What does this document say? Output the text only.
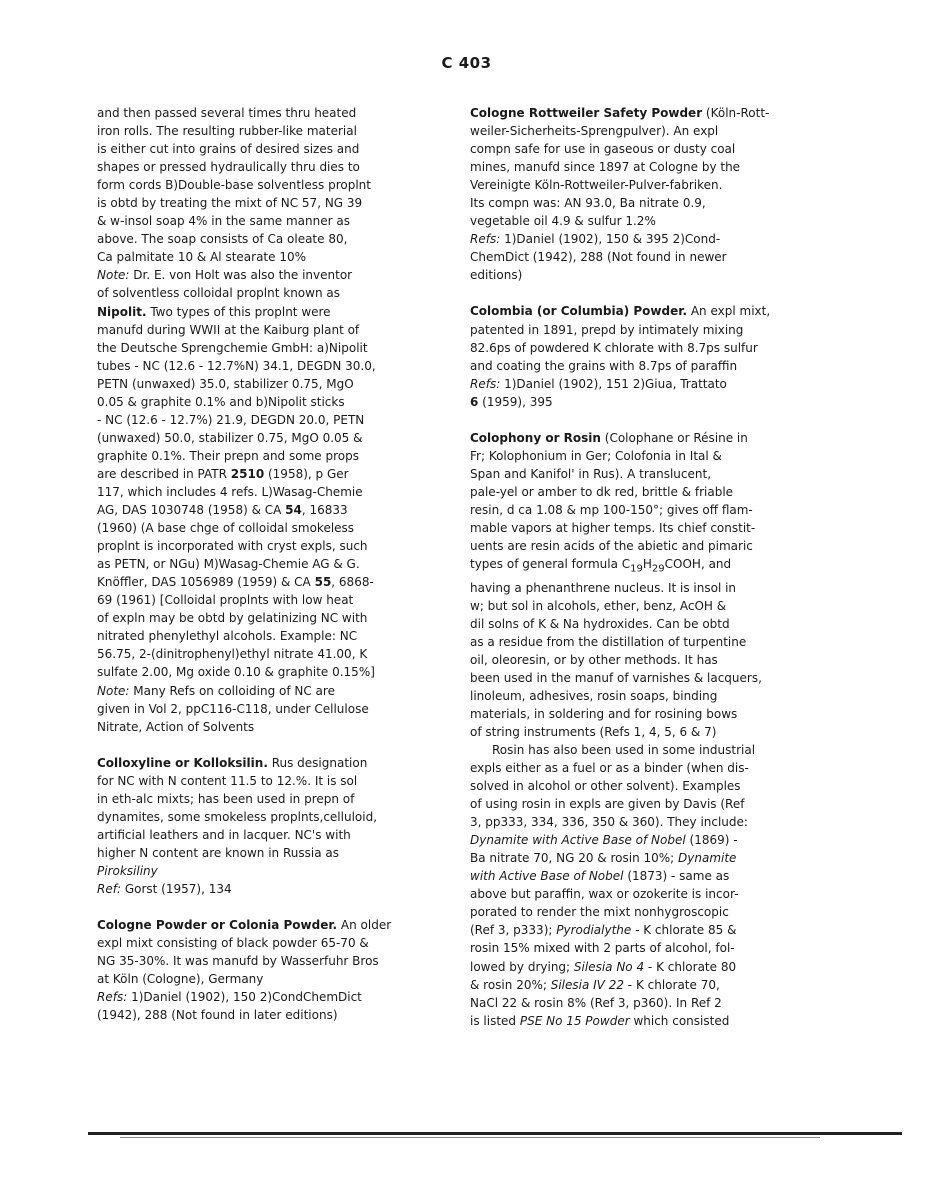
C 403

and then passed several times thru heated
iron rolls. The resulting rubber-like material
is either cut into grains of desired sizes and
shapes or pressed hydraulically thru dies to
form cords B)Double-base solventless proplnt
is obtd by treating the mixt of NC 57, NG 39
& w-insol soap 4% in the same manner as
above. The soap consists of Ca oleate 80,
Ca palmitate 10 & Al stearate 10%
Note: Dr. E. von Holt was also the inventor
of solventless colloidal proplnt known as
Nipolit. Two types of this proplnt were
manufd during WWII at the Kaiburg plant of
the Deutsche Sprengchemie GmbH: a)Nipolit
tubes - NC (12.6 - 12.7%N) 34.1, DEGDN 30.0,
PETN (unwaxed) 35.0, stabilizer 0.75, MgO
0.05 & graphite 0.1% and b)Nipolit sticks
- NC (12.6 - 12.7%) 21.9, DEGDN 20.0, PETN
(unwaxed) 50.0, stabilizer 0.75, MgO 0.05 &
graphite 0.1%. Their prepn and some props
are described in PATR 2510 (1958), p Ger
117, which includes 4 refs. L)Wasag-Chemie
AG, DAS 1030748 (1958) & CA 54, 16833
(1960) (A base chge of colloidal smokeless
proplnt is incorporated with cryst expls, such
as PETN, or NGu) M)Wasag-Chemie AG & G.
Knöffler, DAS 1056989 (1959) & CA 55, 6868-
69 (1961) [Colloidal proplnts with low heat
of expln may be obtd by gelatinizing NC with
nitrated phenylethyl alcohols. Example: NC
56.75, 2-(dinitrophenyl)ethyl nitrate 41.00, K
sulfate 2.00, Mg oxide 0.10 & graphite 0.15%]
Note: Many Refs on colloiding of NC are
given in Vol 2, ppC116-C118, under Cellulose
Nitrate, Action of Solvents

Colloxyline or Kolloksilin. Rus designation
for NC with N content 11.5 to 12.%. It is sol
in eth-alc mixts; has been used in prepn of
dynamites, some smokeless proplnts,celluloid,
artificial leathers and in lacquer. NC's with
higher N content are known in Russia as
Piroksiliny
Ref: Gorst (1957), 134

Cologne Powder or Colonia Powder. An older
expl mixt consisting of black powder 65-70 &
NG 35-30%. It was manufd by Wasserfuhr Bros
at Köln (Cologne), Germany
Refs: 1)Daniel (1902), 150 2)CondChemDict
(1942), 288 (Not found in later editions)

Cologne Rottweiler Safety Powder (Köln-Rott-
weiler-Sicherheits-Sprengpulver). An expl
compn safe for use in gaseous or dusty coal
mines, manufd since 1897 at Cologne by the
Vereinigte Köln-Rottweiler-Pulver-fabriken.
Its compn was: AN 93.0, Ba nitrate 0.9,
vegetable oil 4.9 & sulfur 1.2%
Refs: 1)Daniel (1902), 150 & 395 2)Cond-
ChemDict (1942), 288 (Not found in newer
editions)

Colombia (or Columbia) Powder. An expl mixt,
patented in 1891, prepd by intimately mixing
82.6ps of powdered K chlorate with 8.7ps sulfur
and coating the grains with 8.7ps of paraffin
Refs: 1)Daniel (1902), 151 2)Giua, Trattato
6 (1959), 395

Colophony or Rosin (Colophane or Résine in
Fr; Kolophonium in Ger; Colofonia in Ital &
Span and Kanifol' in Rus). A translucent,
pale-yel or amber to dk red, brittle & friable
resin, d ca 1.08 & mp 100-150°; gives off flam-
mable vapors at higher temps. Its chief constit-
uents are resin acids of the abietic and pimaric
types of general formula $C_{19}H_{29}COOH$, and
having a phenanthrene nucleus. It is insol in
w; but sol in alcohols, ether, benz, AcOH &
dil solns of K & Na hydroxides. Can be obtd
as a residue from the distillation of turpentine
oil, oleoresin, or by other methods. It has
been used in the manuf of varnishes & lacquers,
linoleum, adhesives, rosin soaps, binding
materials, in soldering and for rosining bows
of string instruments (Refs 1, 4, 5, 6 & 7)
Rosin has also been used in some industrial
expls either as a fuel or as a binder (when dis-
solved in alcohol or other solvent). Examples
of using rosin in expls are given by Davis (Ref
3, pp333, 334, 336, 350 & 360). They include:
Dynamite with Active Base of Nobel (1869) -
Ba nitrate 70, NG 20 & rosin 10%; Dynamite
with Active Base of Nobel (1873) - same as
above but paraffin, wax or ozokerite is incor-
porated to render the mixt nonhygroscopic
(Ref 3, p333); Pyrodialythe - K chlorate 85 &
rosin 15% mixed with 2 parts of alcohol, fol-
lowed by drying; Silesia No 4 - K chlorate 80
& rosin 20%; Silesia IV 22 - K chlorate 70,
NaCl 22 & rosin 8% (Ref 3, p360). In Ref 2
is listed PSE No 15 Powder which consisted
